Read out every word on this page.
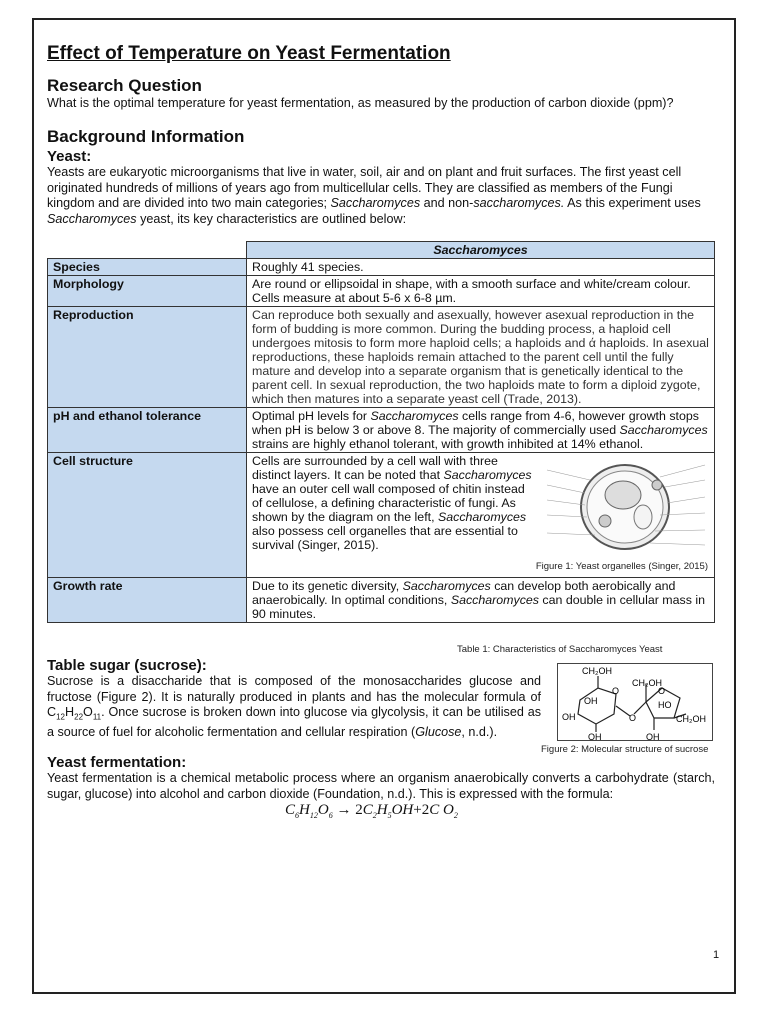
Effect of Temperature on Yeast Fermentation
Research Question

What is the optimal temperature for yeast fermentation, as measured by the production of carbon dioxide (ppm)?

Background Information
Yeast:

Yeasts are eukaryotic microorganisms that live in water, soil, air and on plant and fruit surfaces. The first yeast cell originated hundreds of millions of years ago from multicellular cells. They are classified as members of the Fungi kingdom and are divided into two main categories; Saccharomyces and non-saccharomyces. As this experiment uses Saccharomyces yeast, its key characteristics are outlined below:

	Saccharomyces
Species	Roughly 41 species.
Morphology	Are round or ellipsoidal in shape, with a smooth surface and white/cream colour. Cells measure at about 5-6 x 6-8 µm.
Reproduction	Can reproduce both sexually and asexually, however asexual reproduction in the form of budding is more common. During the budding process, a haploid cell undergoes mitosis to form more haploid cells; a haploids and ά haploids. In asexual reproductions, these haploids remain attached to the parent cell until the fully mature and develop into a separate organism that is genetically identical to the parent cell. In sexual reproduction, the two haploids mate to form a diploid zygote, which then matures into a separate yeast cell (Trade, 2013).
pH and ethanol tolerance	Optimal pH levels for Saccharomyces cells range from 4-6, however growth stops when pH is below 3 or above 8. The majority of commercially used Saccharomyces strains are highly ethanol tolerant, with growth inhibited at 14% ethanol.
Cell structure	Cells are surrounded by a cell wall with three distinct layers. It can be noted that Saccharomyces have an outer cell wall composed of chitin instead of cellulose, a defining characteristic of fungi. As shown by the diagram on the left, Saccharomyces also possess cell organelles that are essential to survival (Singer, 2015).
Figure 1: Yeast organelles (Singer, 2015)

Growth rate	Due to its genetic diversity, Saccharomyces can develop both aerobically and anaerobically. In optimal conditions, Saccharomyces can double in cellular mass in 90 minutes.
Table 1: Characteristics of Saccharomyces Yeast
Table sugar (sucrose):

Sucrose is a disaccharide that is composed of the monosaccharides glucose and fructose (Figure 2). It is naturally produced in plants and has the molecular formula of $C_{12}H_{22}O_{11}$. Once sucrose is broken down into glucose via glycolysis, it can be utilised as a source of fuel for alcoholic fermentation and cellular respiration (Glucose, n.d.).

CH₂OH
O
OH
OH
OH
O
CH₂OH
O
HO
CH₂OH
OH
Figure 2: Molecular structure of sucrose
Yeast fermentation:

Yeast fermentation is a chemical metabolic process where an organism anaerobically converts a carbohydrate (starch, sugar, glucose) into alcohol and carbon dioxide (Foundation, n.d.). This is expressed with the formula:

$C_6H_{12}O_6 \to 2C_2H_5OH+2C$ $O_2$
1
